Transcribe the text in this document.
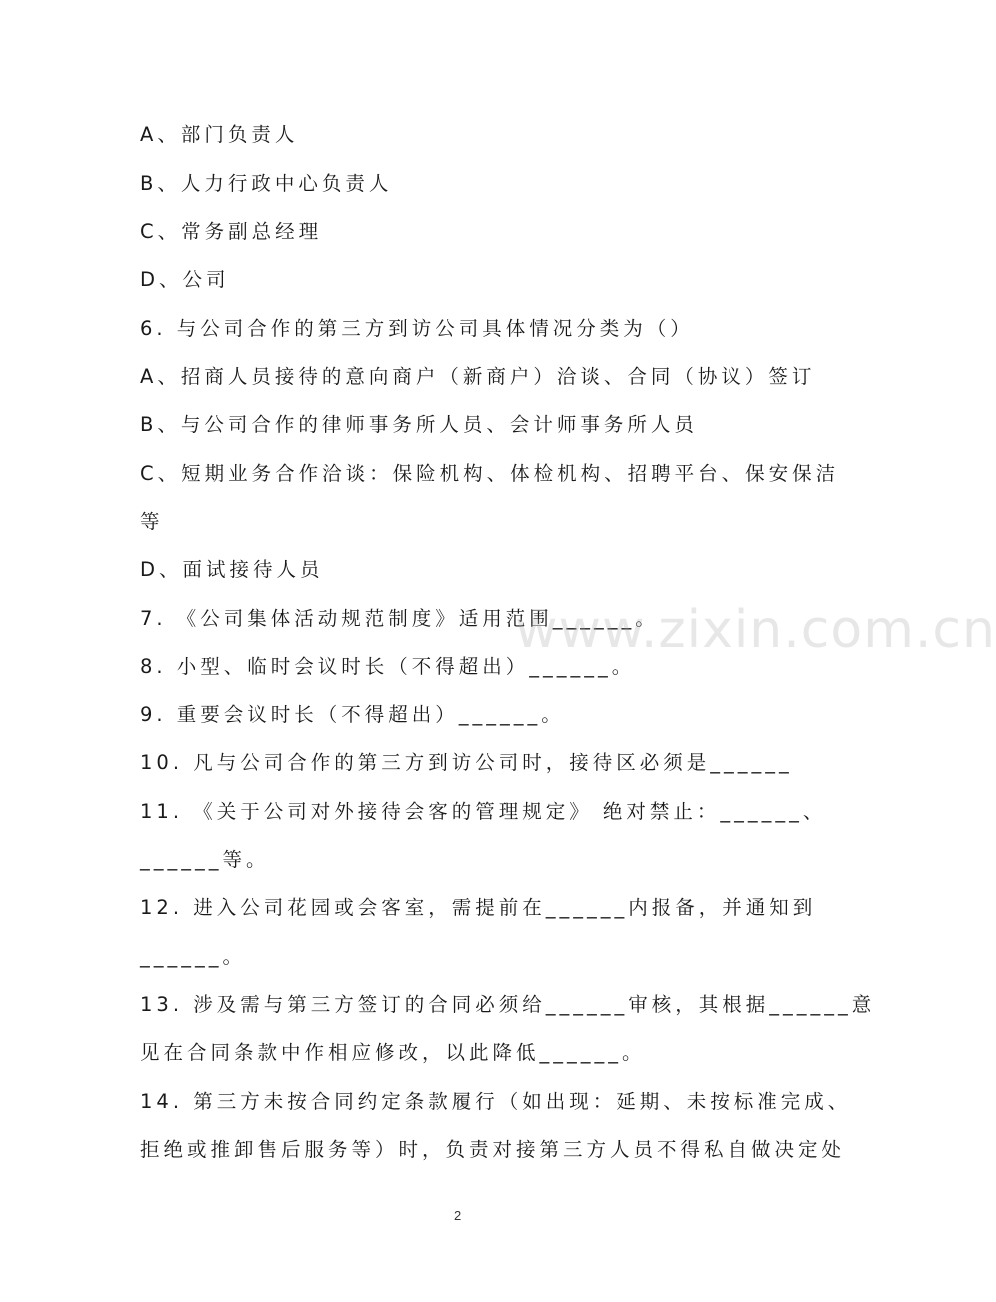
A、部门负责人

B、人力行政中心负责人

C、常务副总经理

D、公司

6. 与公司合作的第三方到访公司具体情况分类为（）

A、招商人员接待的意向商户（新商户）洽谈、合同（协议）签订

B、与公司合作的律师事务所人员、会计师事务所人员

C、短期业务合作洽谈：保险机构、体检机构、招聘平台、保安保洁

等

D、面试接待人员

7. 《公司集体活动规范制度》适用范围______。

8. 小型、临时会议时长（不得超出）______。

9. 重要会议时长（不得超出）______。

10. 凡与公司合作的第三方到访公司时，接待区必须是______

11. 《关于公司对外接待会客的管理规定》 绝对禁止：______、

______等。

12. 进入公司花园或会客室，需提前在______内报备，并通知到

______。

13. 涉及需与第三方签订的合同必须给______审核，其根据______意

见在合同条款中作相应修改，以此降低______。

14. 第三方未按合同约定条款履行（如出现：延期、未按标准完成、

拒绝或推卸售后服务等）时，负责对接第三方人员不得私自做决定处

www.zixin.com.cn
2
